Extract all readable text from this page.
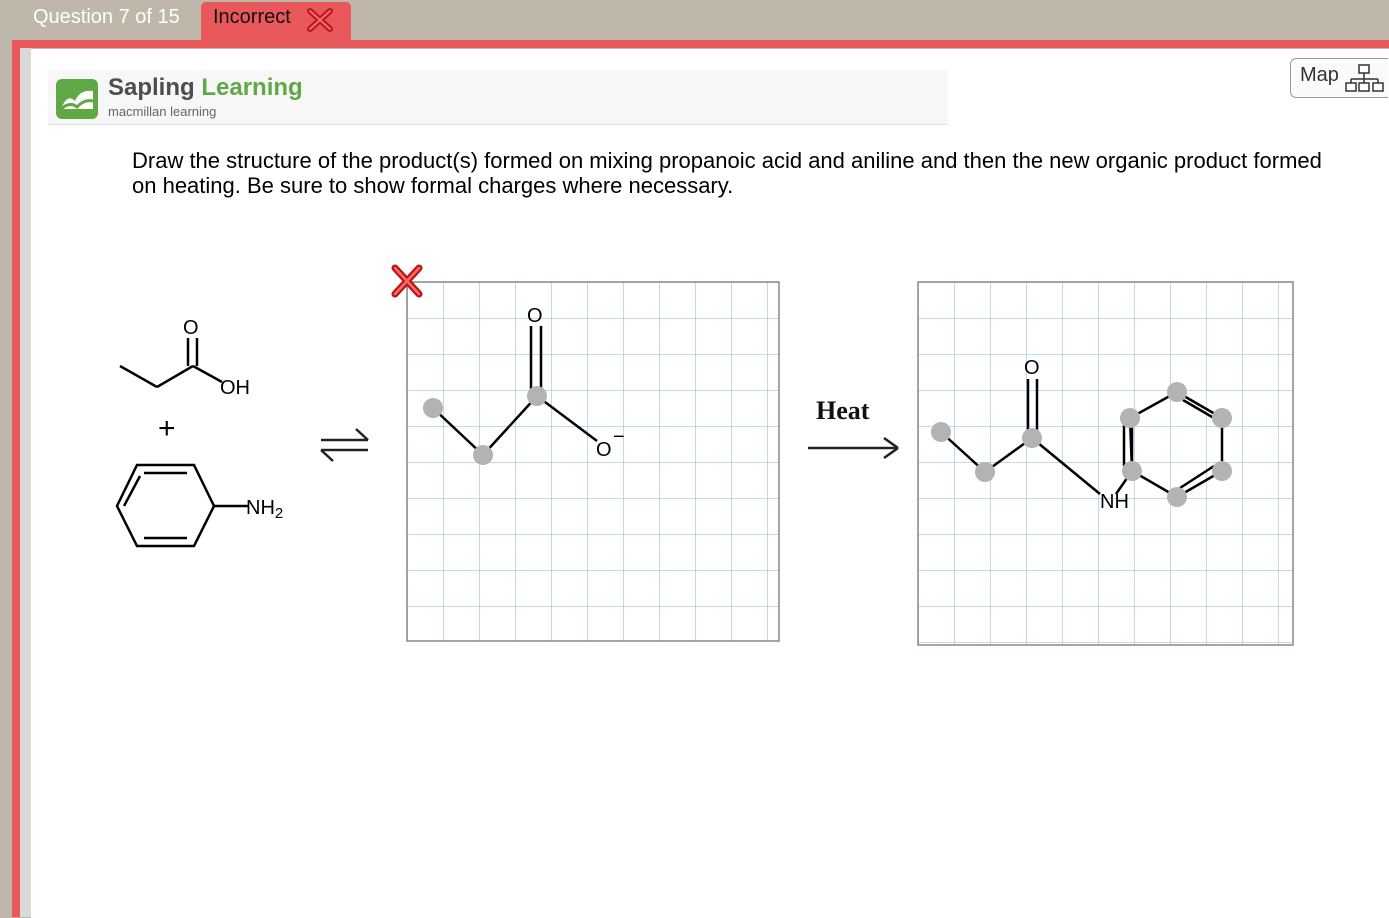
Question 7 of 15 Incorrect
Sapling Learning
macmillan learning
Map
Draw the structure of the product(s) formed on mixing propanoic acid and aniline and then the new organic product formed on heating. Be sure to show formal charges where necessary.
Heat
O
OH
+
$NH_2$
O
O
−
O
NH
